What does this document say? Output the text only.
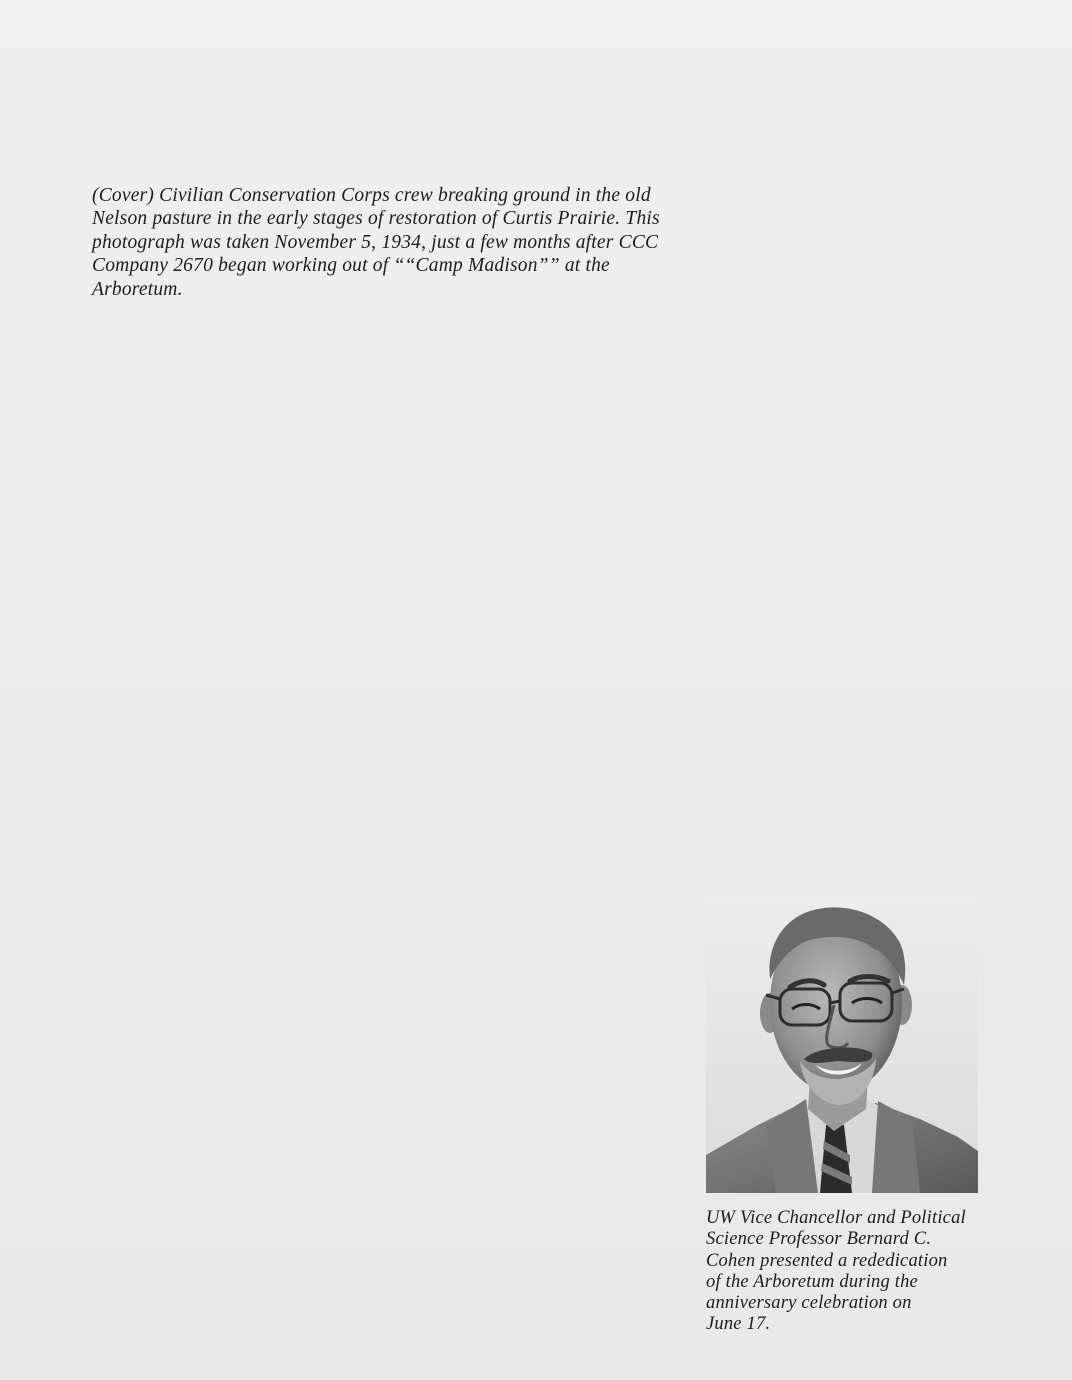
(Cover) Civilian Conservation Corps crew breaking ground in the old
Nelson pasture in the early stages of restoration of Curtis Prairie. This
photograph was taken November 5, 1934, just a few months after CCC
Company 2670 began working out of ““Camp Madison”” at the
Arboretum.

UW Vice Chancellor and Political
Science Professor Bernard C.
Cohen presented a rededication
of the Arboretum during the
anniversary celebration on
June 17.
